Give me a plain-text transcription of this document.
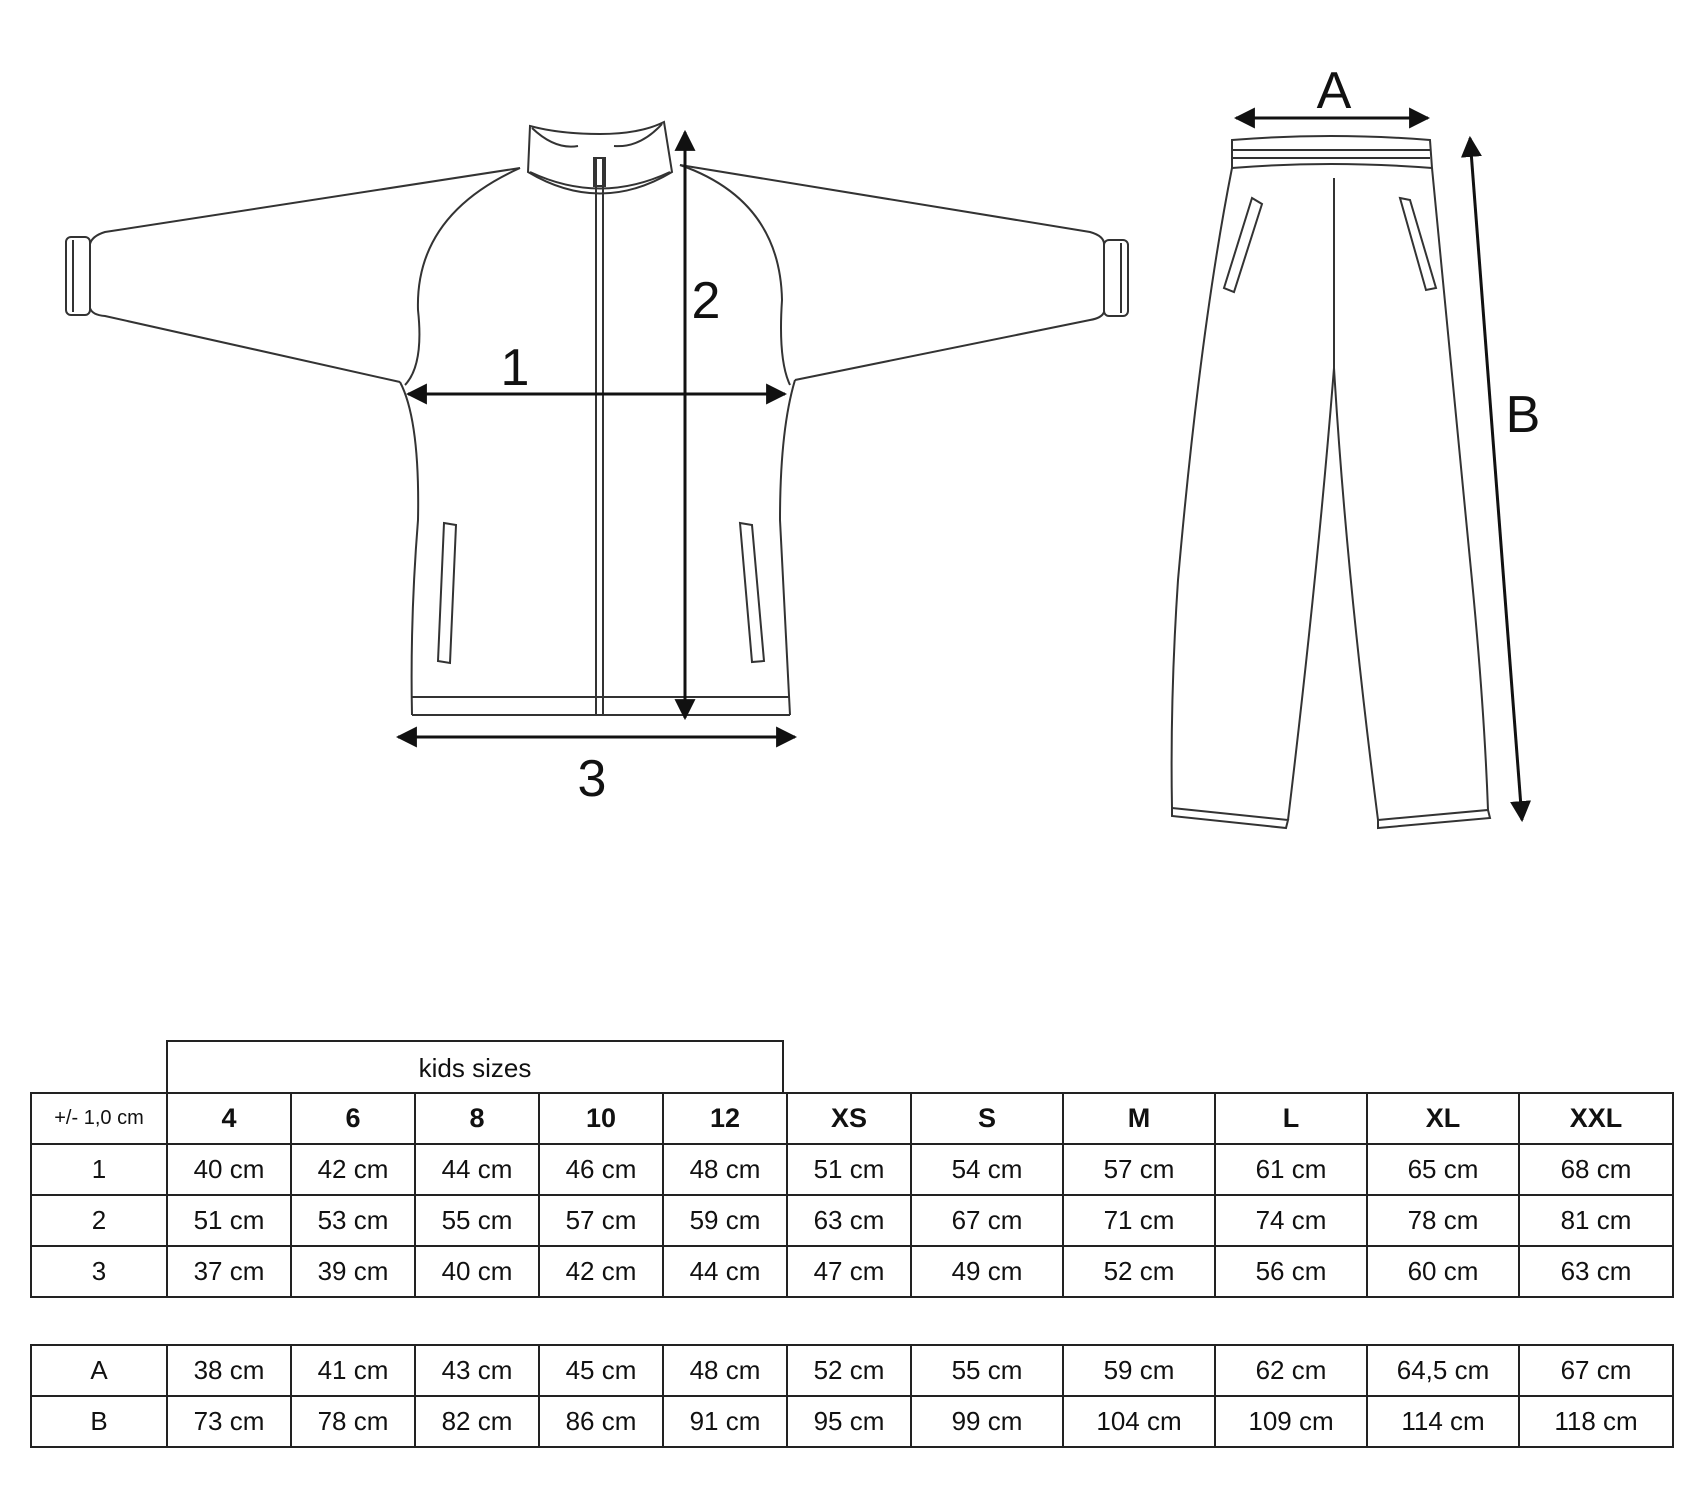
1
2
3
A
B
kids sizes
+/- 1,0 cm	4	6	8	10	12	XS	S	M	L	XL	XXL
1	40 cm	42 cm	44 cm	46 cm	48 cm	51 cm	54 cm	57 cm	61 cm	65 cm	68 cm
2	51 cm	53 cm	55 cm	57 cm	59 cm	63 cm	67 cm	71 cm	74 cm	78 cm	81 cm
3	37 cm	39 cm	40 cm	42 cm	44 cm	47 cm	49 cm	52 cm	56 cm	60 cm	63 cm
A	38 cm	41 cm	43 cm	45 cm	48 cm	52 cm	55 cm	59 cm	62 cm	64,5 cm	67 cm
B	73 cm	78 cm	82 cm	86 cm	91 cm	95 cm	99 cm	104 cm	109 cm	114 cm	118 cm
